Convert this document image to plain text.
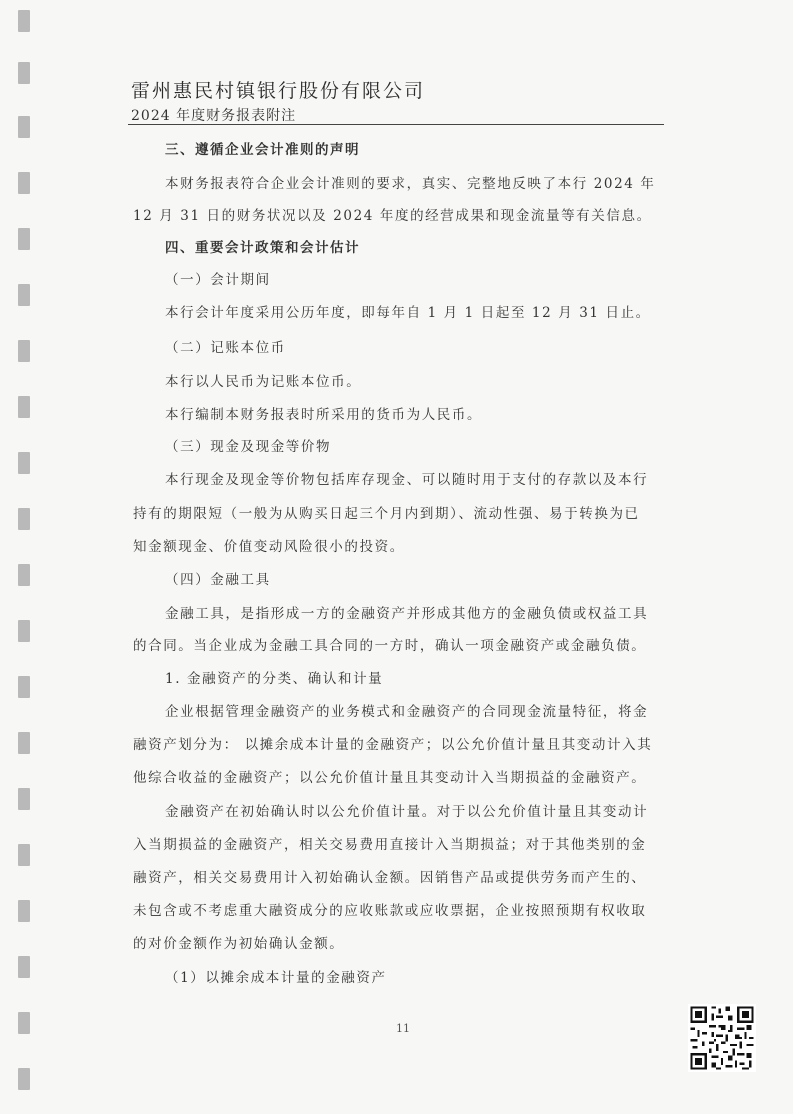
雷州惠民村镇银行股份有限公司
2024 年度财务报表附注
三、遵循企业会计准则的声明
本财务报表符合企业会计准则的要求，真实、完整地反映了本行 2024 年
12 月 31 日的财务状况以及 2024 年度的经营成果和现金流量等有关信息。
四、重要会计政策和会计估计
（一）会计期间
本行会计年度采用公历年度，即每年自 1 月 1 日起至 12 月 31 日止。
（二）记账本位币
本行以人民币为记账本位币。
本行编制本财务报表时所采用的货币为人民币。
（三）现金及现金等价物
本行现金及现金等价物包括库存现金、可以随时用于支付的存款以及本行
持有的期限短（一般为从购买日起三个月内到期）、流动性强、易于转换为已
知金额现金、价值变动风险很小的投资。
（四）金融工具
金融工具，是指形成一方的金融资产并形成其他方的金融负债或权益工具
的合同。当企业成为金融工具合同的一方时，确认一项金融资产或金融负债。
1. 金融资产的分类、确认和计量
企业根据管理金融资产的业务模式和金融资产的合同现金流量特征，将金
融资产划分为： 以摊余成本计量的金融资产；以公允价值计量且其变动计入其
他综合收益的金融资产；以公允价值计量且其变动计入当期损益的金融资产。
金融资产在初始确认时以公允价值计量。对于以公允价值计量且其变动计
入当期损益的金融资产，相关交易费用直接计入当期损益；对于其他类别的金
融资产，相关交易费用计入初始确认金额。因销售产品或提供劳务而产生的、
未包含或不考虑重大融资成分的应收账款或应收票据，企业按照预期有权收取
的对价金额作为初始确认金额。
（1）以摊余成本计量的金融资产
11
